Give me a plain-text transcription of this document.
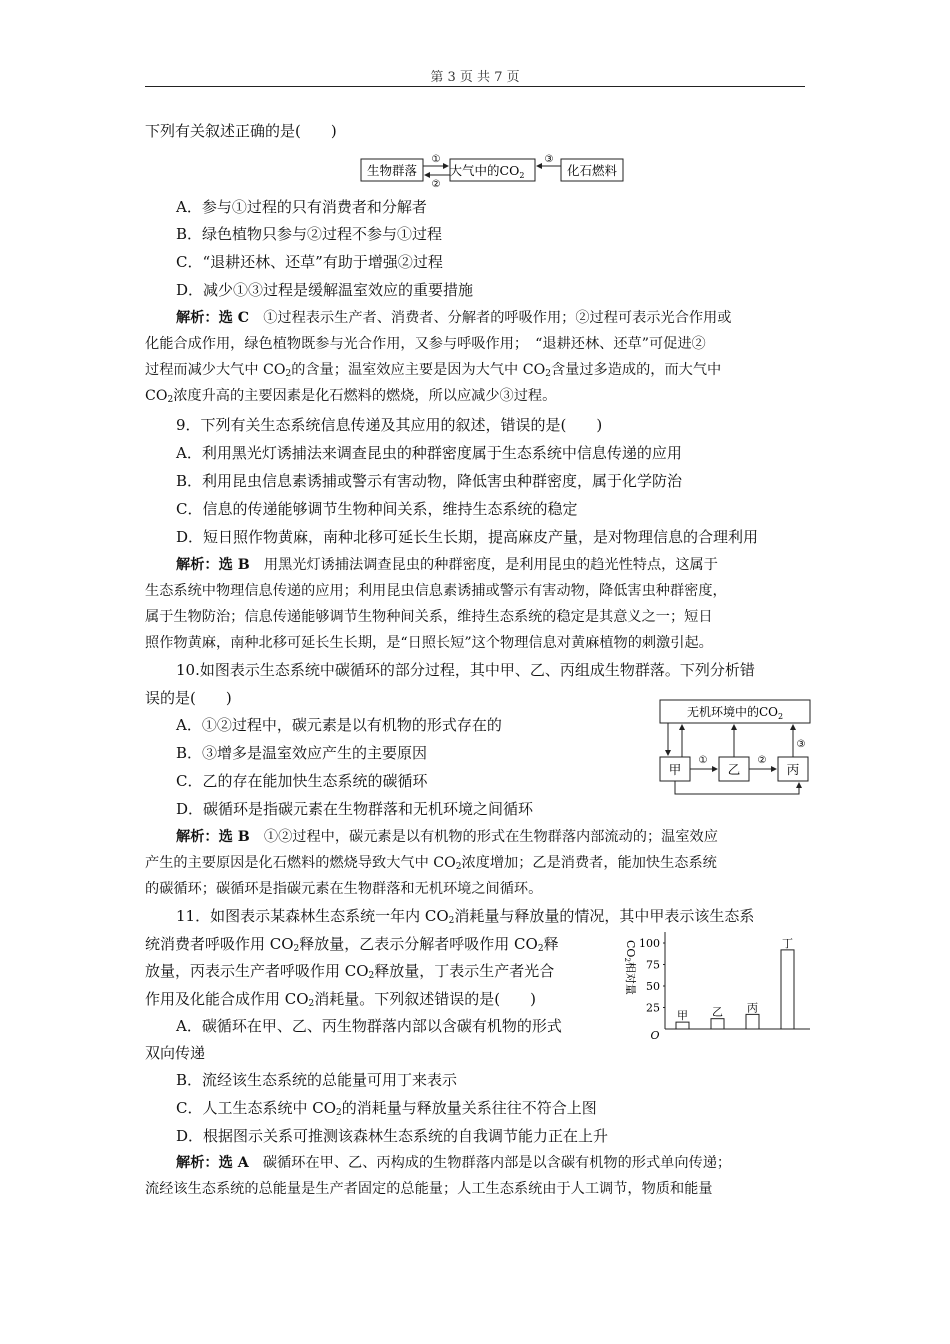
第 3 页 共 7 页
下列有关叙述正确的是(　　)
生物群落	大气中的$CO_2$	化石燃料
①
②
③
A．参与①过程的只有消费者和分解者
B．绿色植物只参与②过程不参与①过程
C．“退耕还林、还草”有助于增强②过程
D．减少①③过程是缓解温室效应的重要措施
解析：选 C　①过程表示生产者、消费者、分解者的呼吸作用；②过程可表示光合作用或
化能合成作用，绿色植物既参与光合作用，又参与呼吸作用；　“退耕还林、还草”可促进②
过程而减少大气中 $CO_2$的含量；温室效应主要是因为大气中 $CO_2$含量过多造成的，而大气中
$CO_2$浓度升高的主要因素是化石燃料的燃烧，所以应减少③过程。
9．下列有关生态系统信息传递及其应用的叙述，错误的是(　　)
A．利用黑光灯诱捕法来调查昆虫的种群密度属于生态系统中信息传递的应用
B．利用昆虫信息素诱捕或警示有害动物，降低害虫种群密度，属于化学防治
C．信息的传递能够调节生物种间关系，维持生态系统的稳定
D．短日照作物黄麻，南种北移可延长生长期，提高麻皮产量，是对物理信息的合理利用
解析：选 B　用黑光灯诱捕法调查昆虫的种群密度，是利用昆虫的趋光性特点，这属于
生态系统中物理信息传递的应用；利用昆虫信息素诱捕或警示有害动物，降低害虫种群密度，
属于生物防治；信息传递能够调节生物种间关系，维持生态系统的稳定是其意义之一；短日
照作物黄麻，南种北移可延长生长期，是“日照长短”这个物理信息对黄麻植物的刺激引起。
10.如图表示生态系统中碳循环的部分过程，其中甲、乙、丙组成生物群落。下列分析错
误的是(　　)
A．①②过程中，碳元素是以有机物的形式存在的
B．③增多是温室效应产生的主要原因
C．乙的存在能加快生态系统的碳循环
D．碳循环是指碳元素在生物群落和无机环境之间循环
无机环境中的$CO_2$
甲	乙	丙
①	②
③
解析：选 B　①②过程中，碳元素是以有机物的形式在生物群落内部流动的；温室效应
产生的主要原因是化石燃料的燃烧导致大气中 $CO_2$浓度增加；乙是消费者，能加快生态系统
的碳循环；碳循环是指碳元素在生物群落和无机环境之间循环。
11．如图表示某森林生态系统一年内 $CO_2$消耗量与释放量的情况，其中甲表示该生态系
统消费者呼吸作用 $CO_2$释放量，乙表示分解者呼吸作用 $CO_2$释
放量，丙表示生产者呼吸作用 $CO_2$释放量，丁表示生产者光合
作用及化能合成作用 $CO_2$消耗量。下列叙述错误的是(　　)
A．碳循环在甲、乙、丙生物群落内部以含碳有机物的形式
双向传递
B．流经该生态系统的总能量可用丁来表示
C．人工生态系统中 $CO_2$的消耗量与释放量关系往往不符合上图
D．根据图示关系可推测该森林生态系统的自我调节能力正在上升
解析：选 A　碳循环在甲、乙、丙构成的生物群落内部是以含碳有机物的形式单向传递；
流经该生态系统的总能量是生产者固定的总能量；人工生态系统由于人工调节，物质和能量
CO2相对量
O
25
50
75
100
甲 乙 丙
丁
